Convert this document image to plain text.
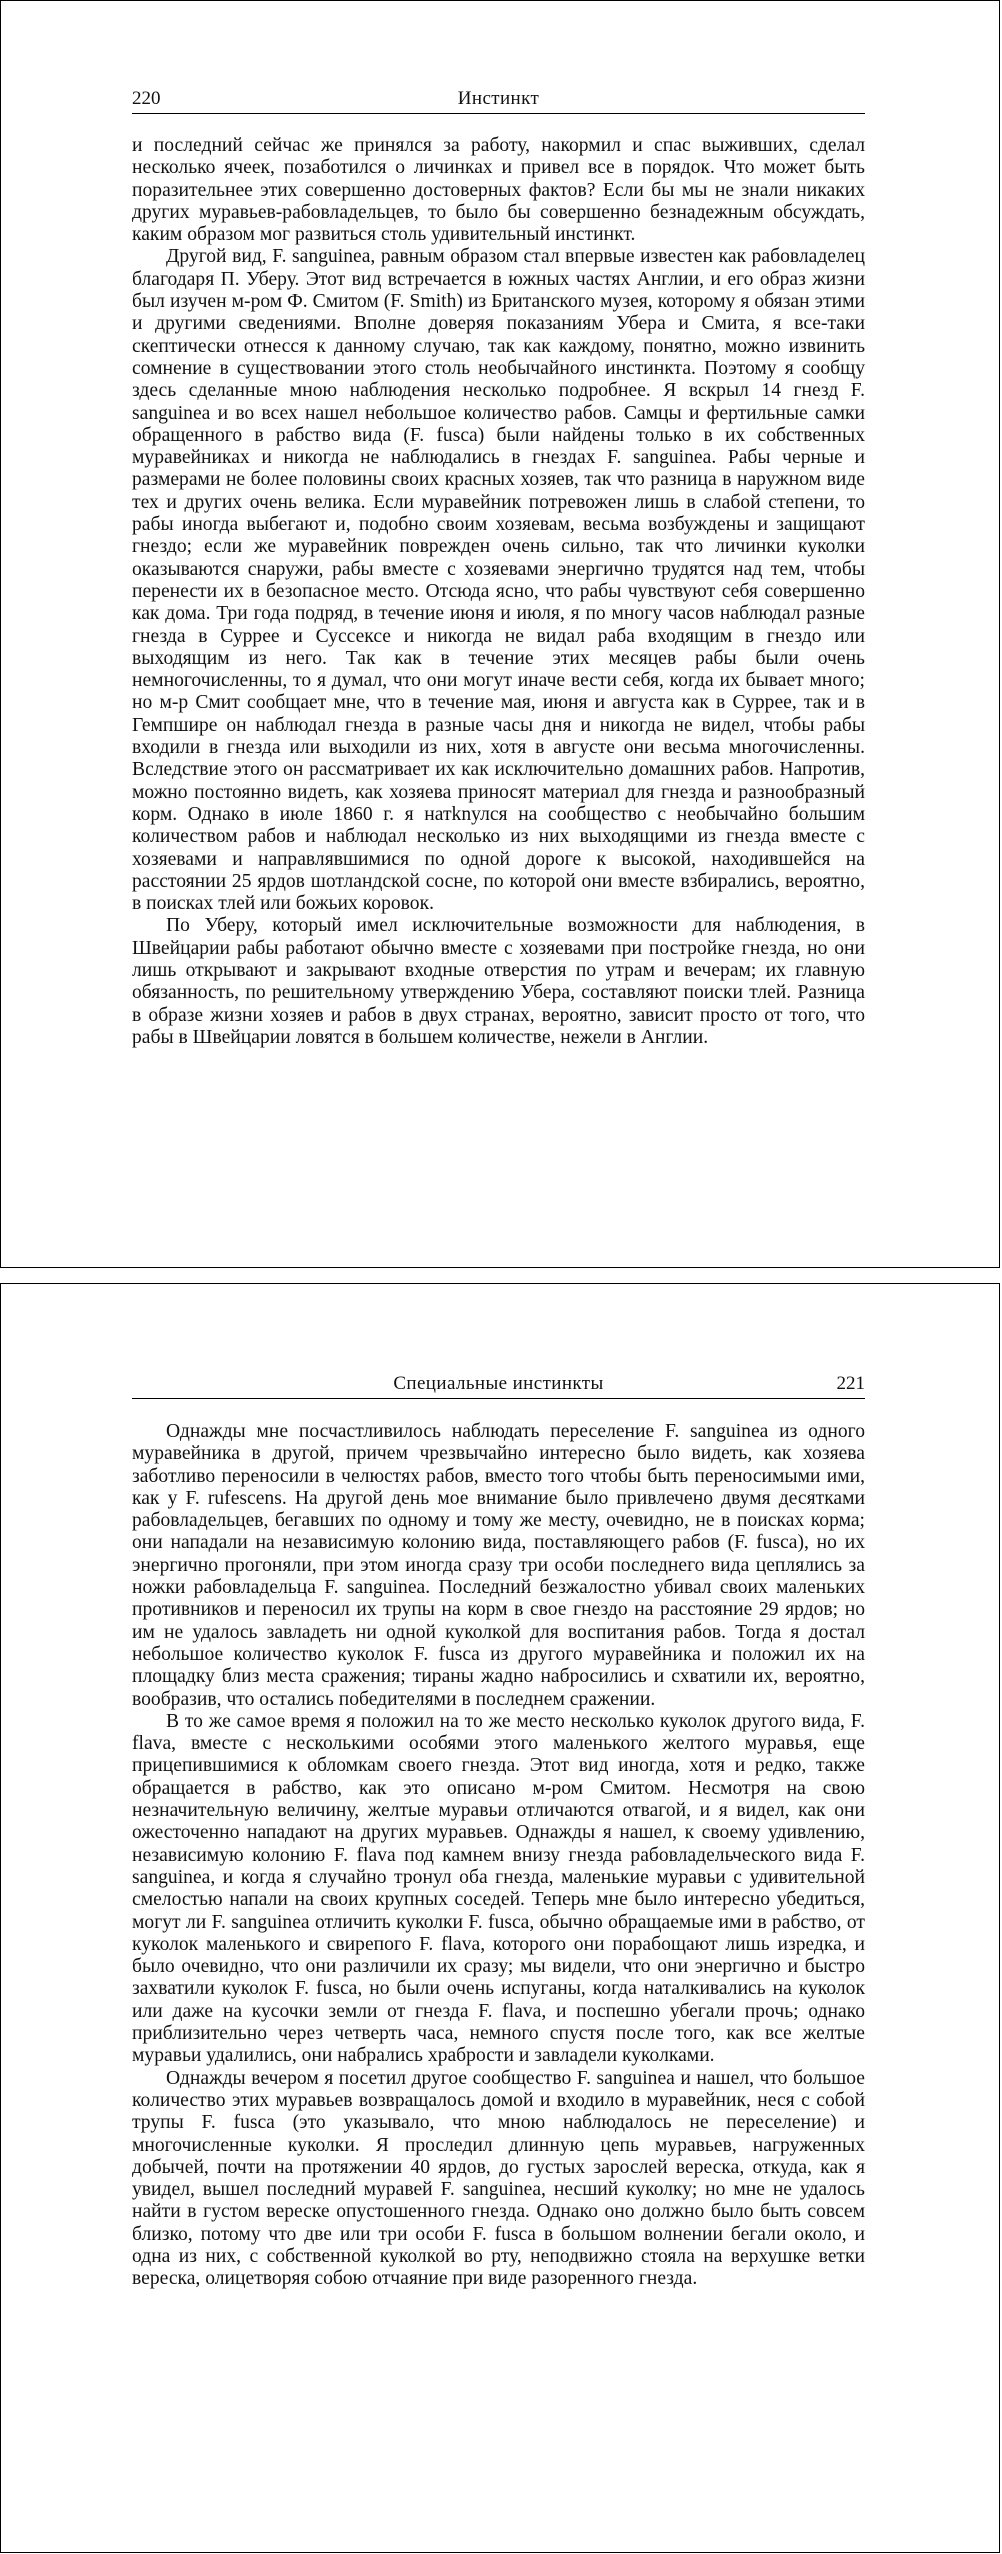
220	Инстинкт

и последний сейчас же принялся за работу, накормил и спас выживших, сделал несколько ячеек, позаботился о личинках и привел все в порядок. Что может быть поразительнее этих совершенно достоверных фактов? Если бы мы не знали никаких других муравьев-рабовладельцев, то было бы совершенно безнадежным обсуждать, каким образом мог развиться столь удивительный инстинкт.

Другой вид, F. sanguinea, равным образом стал впервые известен как рабовладелец благодаря П. Уберу. Этот вид встречается в южных частях Англии, и его образ жизни был изучен м-ром Ф. Смитом (F. Smith) из Британского музея, которому я обязан этими и другими сведениями. Вполне доверяя показаниям Убера и Смита, я все-таки скептически отнесся к данному случаю, так как каждому, понятно, можно извинить сомнение в существовании этого столь необычайного инстинкта. Поэтому я сообщу здесь сделанные мною наблюдения несколько подробнее. Я вскрыл 14 гнезд F. sanguinea и во всех нашел небольшое количество рабов. Самцы и фертильные самки обращенного в рабство вида (F. fusca) были найдены только в их собственных муравейниках и никогда не наблюдались в гнездах F. sanguinea. Рабы черные и размерами не более половины своих красных хозяев, так что разница в наружном виде тех и других очень велика. Если муравейник потревожен лишь в слабой степени, то рабы иногда выбегают и, подобно своим хозяевам, весьма возбуждены и защищают гнездо; если же муравейник поврежден очень сильно, так что личинки куколки оказываются снаружи, рабы вместе с хозяевами энергично трудятся над тем, чтобы перенести их в безопасное место. Отсюда ясно, что рабы чувствуют себя совершенно как дома. Три года подряд, в течение июня и июля, я по многу часов наблюдал разные гнезда в Суррее и Суссексе и никогда не видал раба входящим в гнездо или выходящим из него. Так как в течение этих месяцев рабы были очень немногочисленны, то я думал, что они могут иначе вести себя, когда их бывает много; но м-р Смит сообщает мне, что в течение мая, июня и августа как в Суррее, так и в Гемпшире он наблюдал гнезда в разные часы дня и никогда не видел, чтобы рабы входили в гнезда или выходили из них, хотя в августе они весьма многочисленны. Вследствие этого он рассматривает их как исключительно домашних рабов. Напротив, можно постоянно видеть, как хозяева приносят материал для гнезда и разнообразный корм. Однако в июле 1860 г. я натknулся на сообщество с необычайно большим количеством рабов и наблюдал несколько из них выходящими из гнезда вместе с хозяевами и направлявшимися по одной дороге к высокой, находившейся на расстоянии 25 ярдов шотландской сосне, по которой они вместе взбирались, вероятно, в поисках тлей или божьих коровок.

По Уберу, который имел исключительные возможности для наблюдения, в Швейцарии рабы работают обычно вместе с хозяевами при постройке гнезда, но они лишь открывают и закрывают входные отверстия по утрам и вечерам; их главную обязанность, по решительному утверждению Убера, составляют поиски тлей. Разница в образе жизни хозяев и рабов в двух странах, вероятно, зависит просто от того, что рабы в Швейцарии ловятся в большем количестве, нежели в Англии.

Специальные инстинкты	221

Однажды мне посчастливилось наблюдать переселение F. sanguinea из одного муравейника в другой, причем чрезвычайно интересно было видеть, как хозяева заботливо переносили в челюстях рабов, вместо того чтобы быть переносимыми ими, как у F. rufescens. На другой день мое внимание было привлечено двумя десятками рабовладельцев, бегавших по одному и тому же месту, очевидно, не в поисках корма; они нападали на независимую колонию вида, поставляющего рабов (F. fusca), но их энергично прогоняли, при этом иногда сразу три особи последнего вида цеплялись за ножки рабовладельца F. sanguinea. Последний безжалостно убивал своих маленьких противников и переносил их трупы на корм в свое гнездо на расстояние 29 ярдов; но им не удалось завладеть ни одной куколкой для воспитания рабов. Тогда я достал небольшое количество куколок F. fusca из другого муравейника и положил их на площадку близ места сражения; тираны жадно набросились и схватили их, вероятно, вообразив, что остались победителями в последнем сражении.

В то же самое время я положил на то же место несколько куколок другого вида, F. flava, вместе с несколькими особями этого маленького желтого муравья, еще прицепившимися к обломкам своего гнезда. Этот вид иногда, хотя и редко, также обращается в рабство, как это описано м-ром Смитом. Несмотря на свою незначительную величину, желтые муравьи отличаются отвагой, и я видел, как они ожесточенно нападают на других муравьев. Однажды я нашел, к своему удивлению, независимую колонию F. flava под камнем внизу гнезда рабовладельческого вида F. sanguinea, и когда я случайно тронул оба гнезда, маленькие муравьи с удивительной смелостью напали на своих крупных соседей. Теперь мне было интересно убедиться, могут ли F. sanguinea отличить куколки F. fusca, обычно обращаемые ими в рабство, от куколок маленького и свирепого F. flava, которого они порабощают лишь изредка, и было очевидно, что они различили их сразу; мы видели, что они энергично и быстро захватили куколок F. fusca, но были очень испуганы, когда наталкивались на куколок или даже на кусочки земли от гнезда F. flava, и поспешно убегали прочь; однако приблизительно через четверть часа, немного спустя после того, как все желтые муравьи удалились, они набрались храбрости и завладели куколками.

Однажды вечером я посетил другое сообщество F. sanguinea и нашел, что большое количество этих муравьев возвращалось домой и входило в муравейник, неся с собой трупы F. fusca (это указывало, что мною наблюдалось не переселение) и многочисленные куколки. Я проследил длинную цепь муравьев, нагруженных добычей, почти на протяжении 40 ярдов, до густых зарослей вереска, откуда, как я увидел, вышел последний муравей F. sanguinea, несший куколку; но мне не удалось найти в густом вереске опустошенного гнезда. Однако оно должно было быть совсем близко, потому что две или три особи F. fusca в большом волнении бегали около, и одна из них, с собственной куколкой во рту, неподвижно стояла на верхушке ветки вереска, олицетворяя собою отчаяние при виде разоренного гнезда.
